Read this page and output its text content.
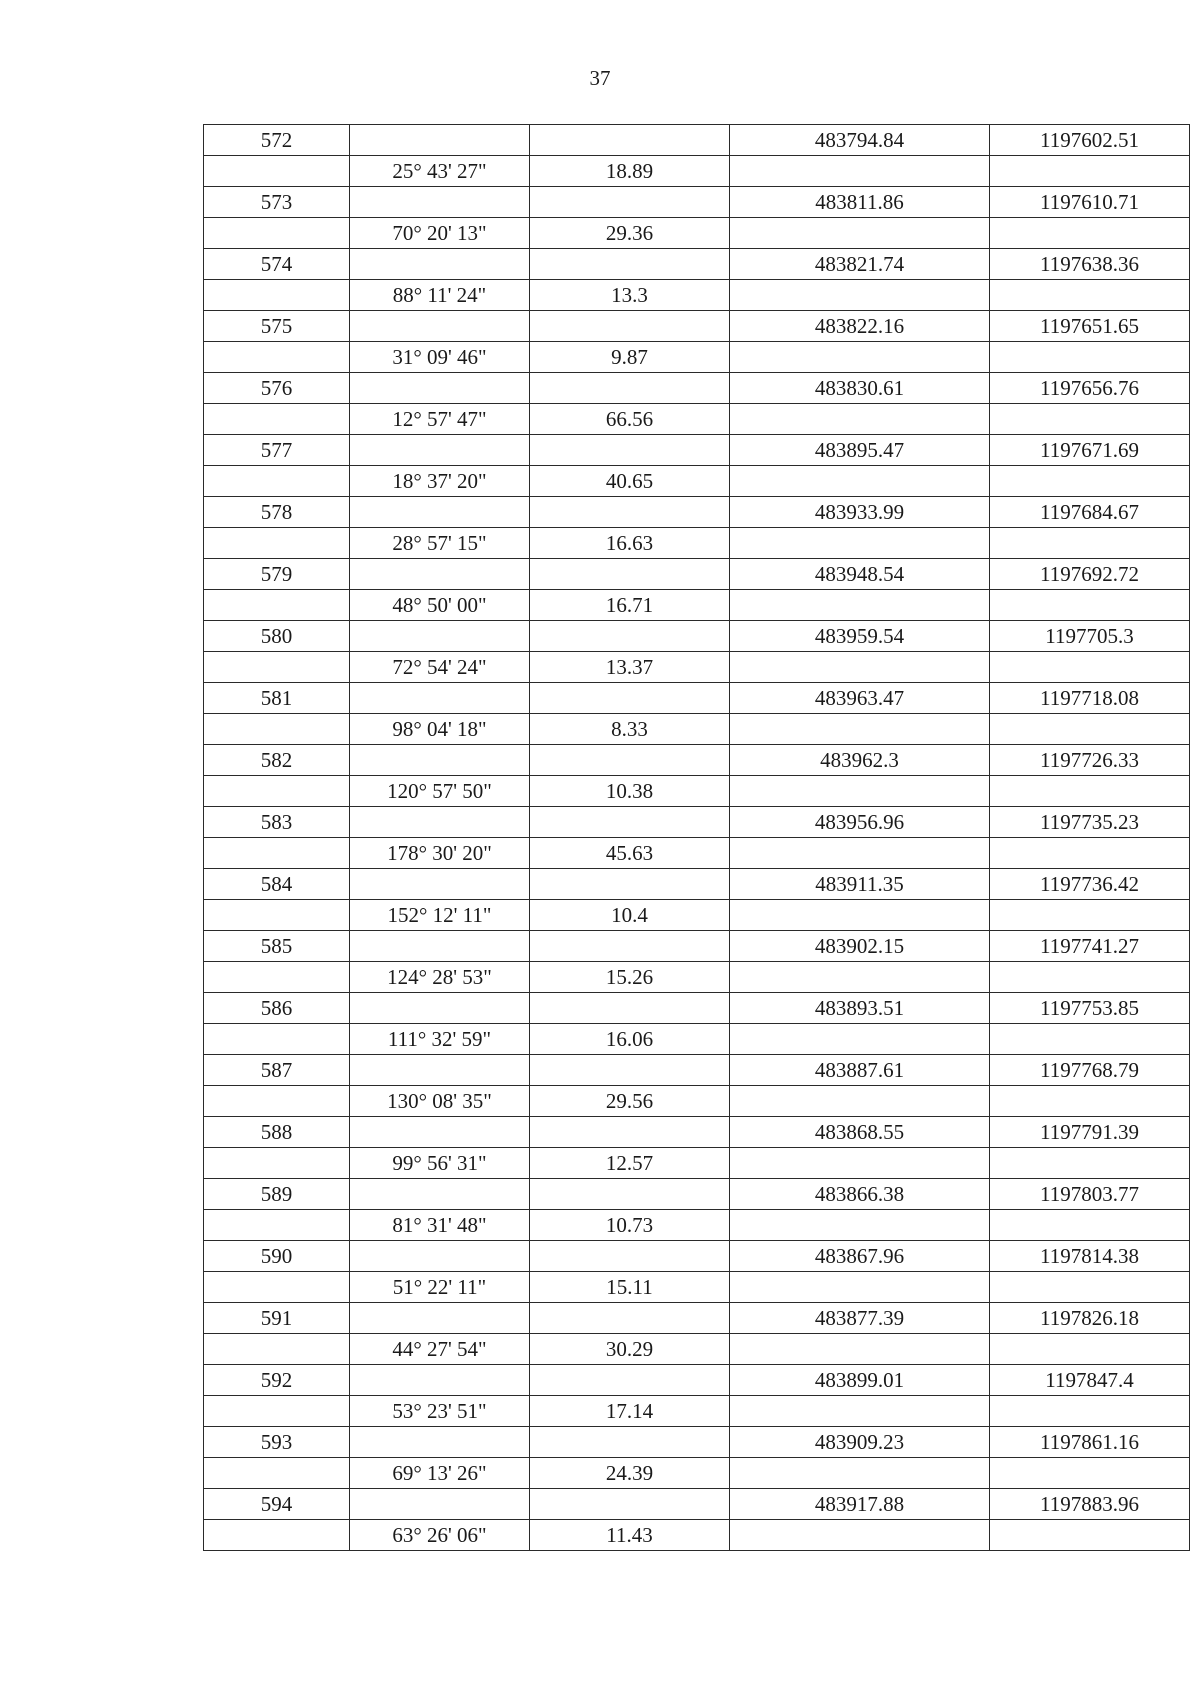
37
572			483794.84	1197602.51
	25° 43' 27"	18.89		
573			483811.86	1197610.71
	70° 20' 13"	29.36		
574			483821.74	1197638.36
	88° 11' 24"	13.3		
575			483822.16	1197651.65
	31° 09' 46"	9.87		
576			483830.61	1197656.76
	12° 57' 47"	66.56		
577			483895.47	1197671.69
	18° 37' 20"	40.65		
578			483933.99	1197684.67
	28° 57' 15"	16.63		
579			483948.54	1197692.72
	48° 50' 00"	16.71		
580			483959.54	1197705.3
	72° 54' 24"	13.37		
581			483963.47	1197718.08
	98° 04' 18"	8.33		
582			483962.3	1197726.33
	120° 57' 50"	10.38		
583			483956.96	1197735.23
	178° 30' 20"	45.63		
584			483911.35	1197736.42
	152° 12' 11"	10.4		
585			483902.15	1197741.27
	124° 28' 53"	15.26		
586			483893.51	1197753.85
	111° 32' 59"	16.06		
587			483887.61	1197768.79
	130° 08' 35"	29.56		
588			483868.55	1197791.39
	99° 56' 31"	12.57		
589			483866.38	1197803.77
	81° 31' 48"	10.73		
590			483867.96	1197814.38
	51° 22' 11"	15.11		
591			483877.39	1197826.18
	44° 27' 54"	30.29		
592			483899.01	1197847.4
	53° 23' 51"	17.14		
593			483909.23	1197861.16
	69° 13' 26"	24.39		
594			483917.88	1197883.96
	63° 26' 06"	11.43		
